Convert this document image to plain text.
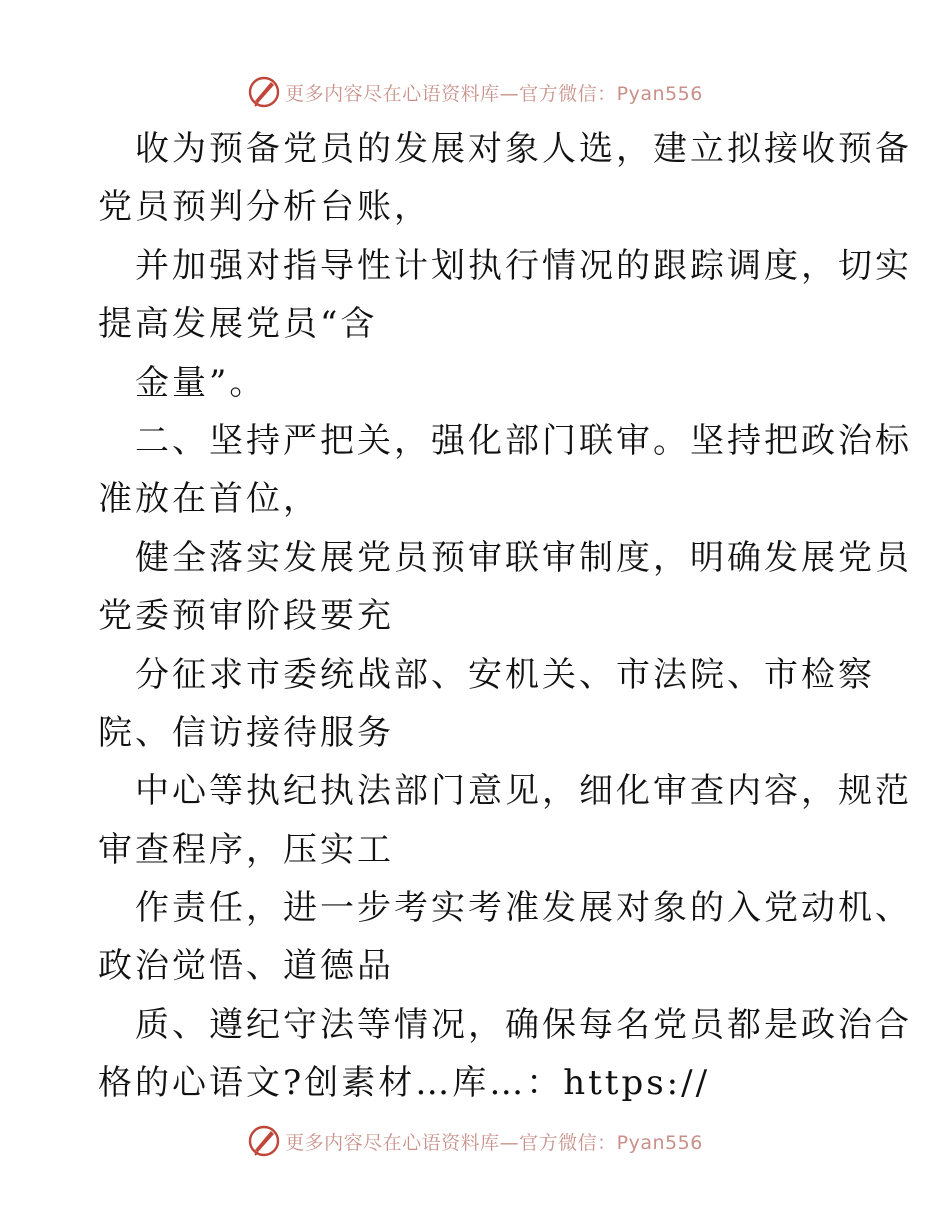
更多内容尽在心语资料库—官方微信：Pyan556
收为预备党员的发展对象人选，建立拟接收预备
党员预判分析台账，
并加强对指导性计划执行情况的跟踪调度，切实
提高发展党员“含
金量”。
二、坚持严把关，强化部门联审。坚持把政治标
准放在首位，
健全落实发展党员预审联审制度，明确发展党员
党委预审阶段要充
分征求市委统战部、安机关、市法院、市检察
院、信访接待服务
中心等执纪执法部门意见，细化审查内容，规范
审查程序，压实工
作责任，进一步考实考准发展对象的入党动机、
政治觉悟、道德品
质、遵纪守法等情况，确保每名党员都是政治合
格的心语文?创素材…库…：https://
更多内容尽在心语资料库—官方微信：Pyan556
